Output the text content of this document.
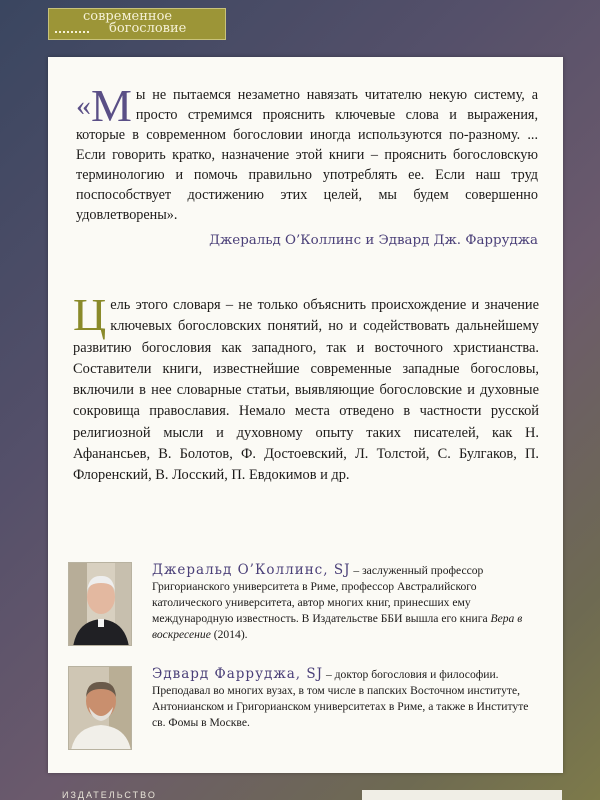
современное
богословие
« М ы не пытаемся незаметно навязать читателю некую систему, а просто стремимся прояснить ключевые слова и выражения, которые в современном богословии иногда используются по-разному. ... Если говорить кратко, назначение этой книги – прояснить богословскую терминологию и помочь правильно употреблять ее. Если наш труд поспособствует достижению этих целей, мы будем совершенно удовлетворены».
Джеральд О’Коллинс и Эдвард Дж. Фарруджа
Ц ель этого словаря – не только объяснить происхождение и значение ключевых богословских понятий, но и содействовать дальнейшему развитию богословия как западного, так и восточного христианства. Составители книги, известнейшие современные западные богословы, включили в нее словарные статьи, выявляющие богословские и духовные сокровища православия. Немало места отведено в частности русской религиозной мысли и духовному опыту таких писателей, как Н. Афанансьев, В. Болотов, Ф. Достоевский, Л. Толстой, С. Булгаков, П. Флоренский, В. Лосский, П. Евдокимов и др.
Джеральд О’Коллинс, SJ – заслуженный профессор Григорианского университета в Риме, профессор Австралийского католического университета, автор многих книг, принесших ему международную известность. В Издательстве ББИ вышла его книга Вера в воскресение (2014).
Эдвард Фарруджа, SJ – доктор богословия и философии. Преподавал во многих вузах, в том числе в папских Восточном институте, Антонианском и Григорианском университетах в Риме, а также в Институте св. Фомы в Москве.
ИЗДАТЕЛЬСТВО
